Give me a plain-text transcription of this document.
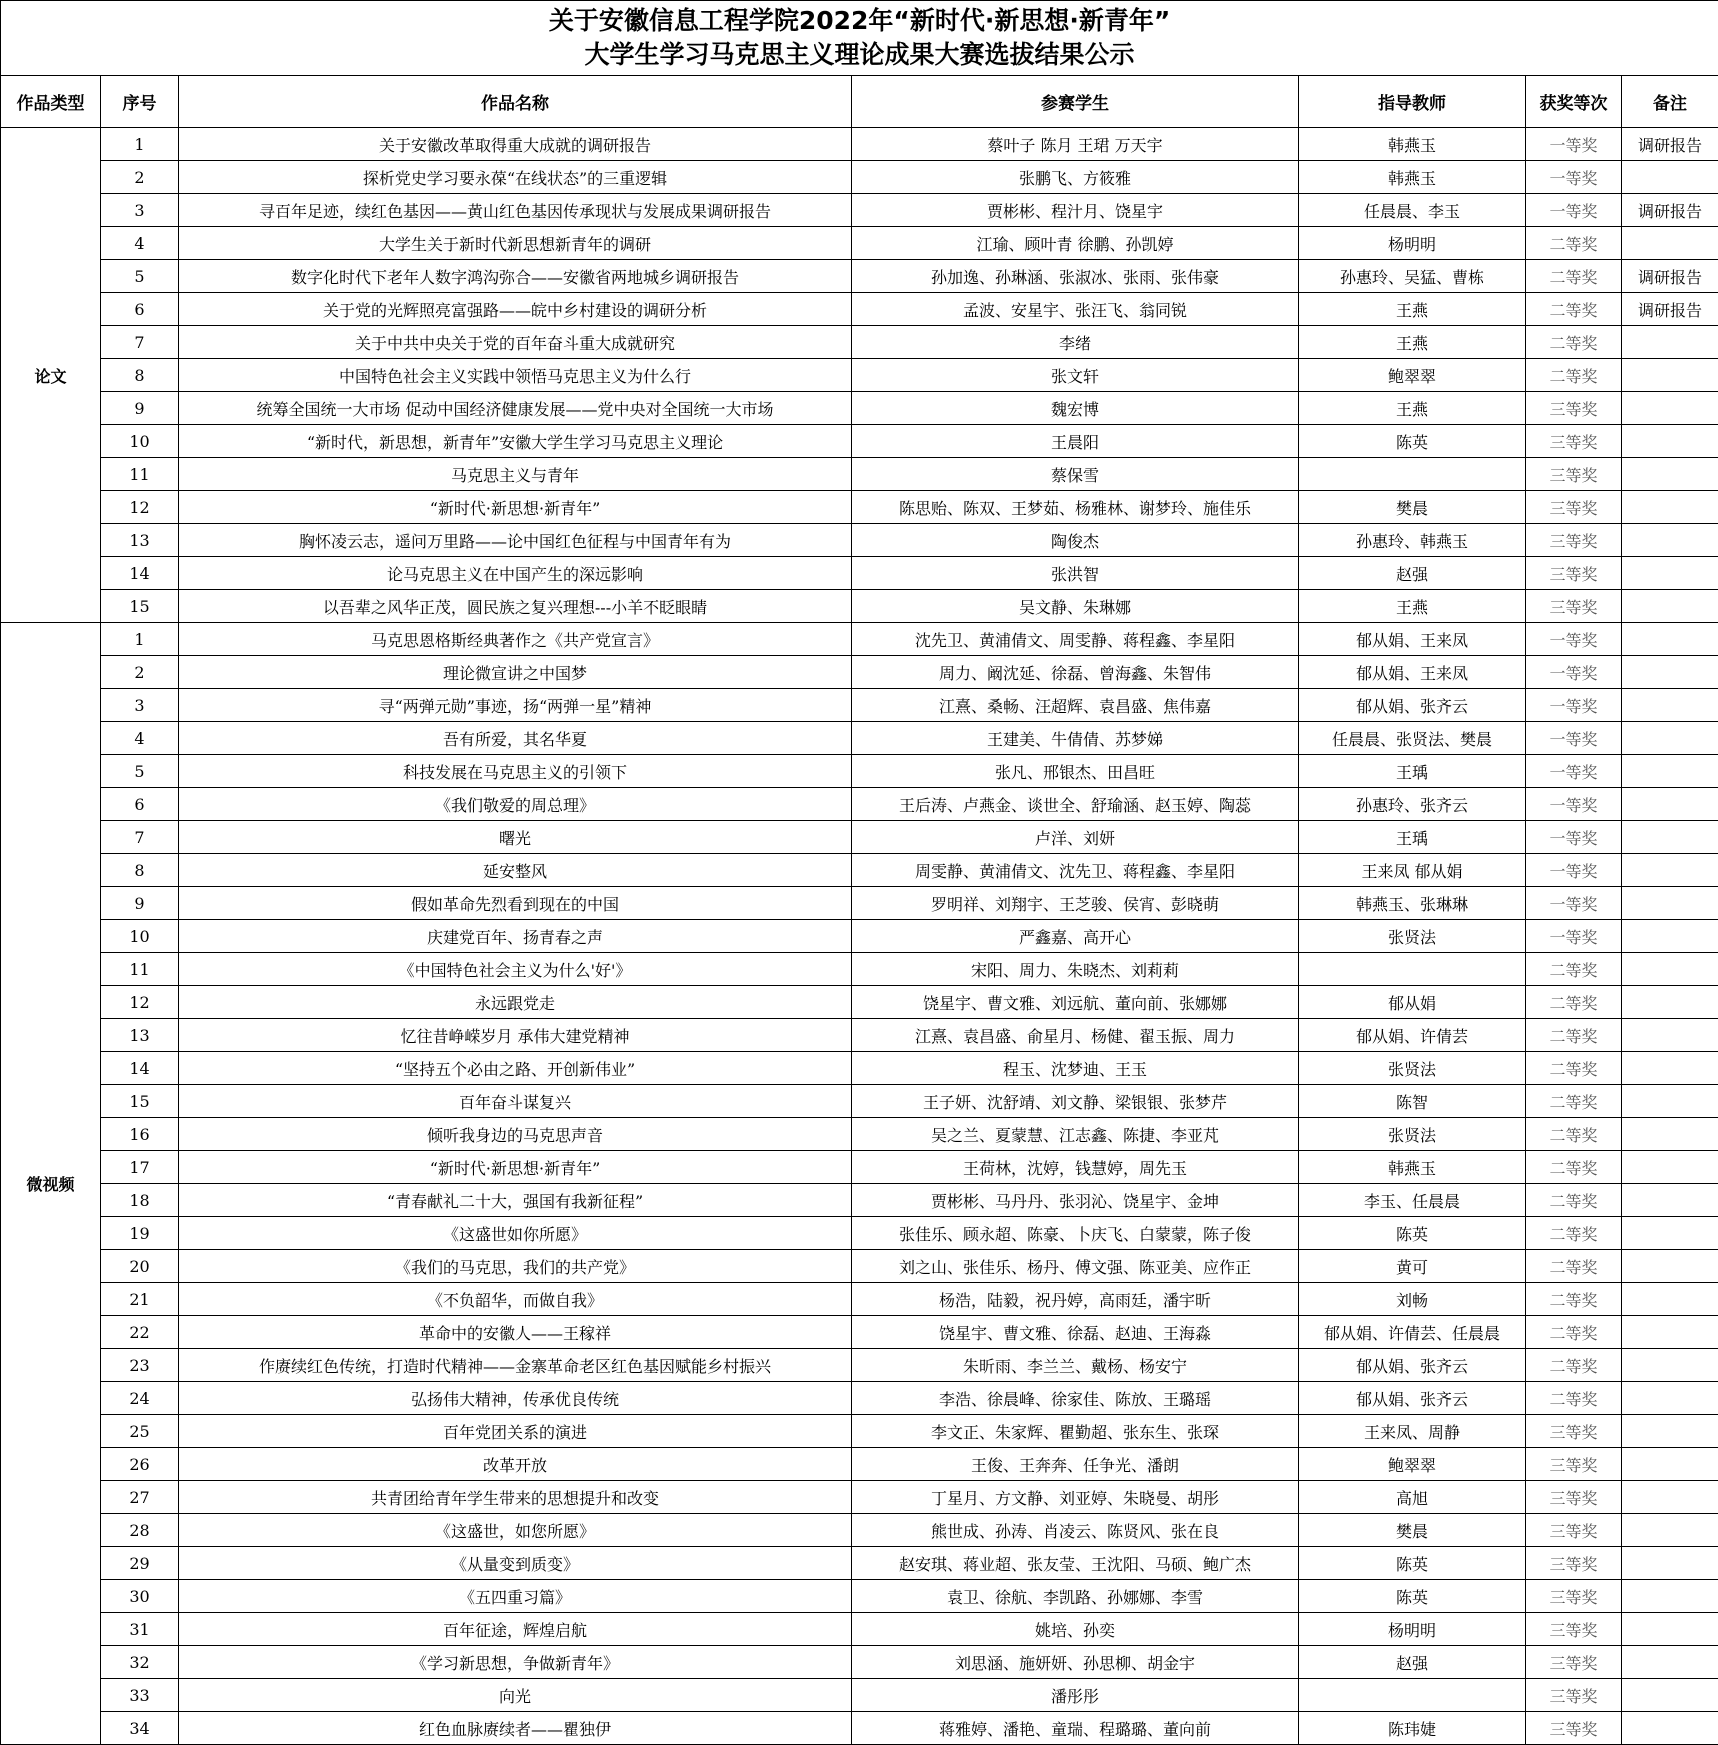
关于安徽信息工程学院2022年“新时代·新思想·新青年”
大学生学习马克思主义理论成果大赛选拔结果公示						

作品类型	序号	作品名称	参赛学生	指导教师	获奖等次	备注
论文	1	关于安徽改革取得重大成就的调研报告	蔡叶子 陈月 王珺 万天宇	韩燕玉	一等奖	调研报告
	2	探析党史学习要永葆“在线状态”的三重逻辑	张鹏飞、方筱雅	韩燕玉	一等奖	
	3	寻百年足迹，续红色基因——黄山红色基因传承现状与发展成果调研报告	贾彬彬、程汁月、饶星宇	任晨晨、李玉	一等奖	调研报告
	4	大学生关于新时代新思想新青年的调研	江瑜、顾叶青 徐鹏、孙凯婷	杨明明	二等奖	
	5	数字化时代下老年人数字鸿沟弥合——安徽省两地城乡调研报告	孙加逸、孙琳涵、张淑冰、张雨、张伟豪	孙惠玲、吴猛、曹栋	二等奖	调研报告
	6	关于党的光辉照亮富强路——皖中乡村建设的调研分析	孟波、安星宇、张汪飞、翁同锐	王燕	二等奖	调研报告
	7	关于中共中央关于党的百年奋斗重大成就研究	李绪	王燕	二等奖	
	8	中国特色社会主义实践中领悟马克思主义为什么行	张文轩	鲍翠翠	二等奖	
	9	统筹全国统一大市场 促动中国经济健康发展——党中央对全国统一大市场	魏宏博	王燕	三等奖	
	10	“新时代，新思想，新青年”安徽大学生学习马克思主义理论	王晨阳	陈英	三等奖	
	11	马克思主义与青年	蔡保雪		三等奖	
	12	“新时代·新思想·新青年”	陈思贻、陈双、王梦茹、杨雅林、谢梦玲、施佳乐	樊晨	三等奖	
	13	胸怀凌云志，遥问万里路——论中国红色征程与中国青年有为	陶俊杰	孙惠玲、韩燕玉	三等奖	
	14	论马克思主义在中国产生的深远影响	张洪智	赵强	三等奖	
	15	以吾辈之风华正茂，圆民族之复兴理想---小羊不眨眼睛	吴文静、朱琳娜	王燕	三等奖	
微视频	1	马克思恩格斯经典著作之《共产党宣言》	沈先卫、黄浦倩文、周雯静、蒋程鑫、李星阳	郁从娟、王来凤	一等奖	
	2	理论微宣讲之中国梦	周力、阚沈延、徐磊、曾海鑫、朱智伟	郁从娟、王来凤	一等奖	
	3	寻“两弹元勋”事迹，扬“两弹一星”精神	江熹、桑畅、汪超辉、袁昌盛、焦伟嘉	郁从娟、张齐云	一等奖	
	4	吾有所爱，其名华夏	王建美、牛倩倩、苏梦娣	任晨晨、张贤法、樊晨	一等奖	
	5	科技发展在马克思主义的引领下	张凡、邢银杰、田昌旺	王瑀	一等奖	
	6	《我们敬爱的周总理》	王后涛、卢燕金、谈世全、舒瑜涵、赵玉婷、陶蕊	孙惠玲、张齐云	一等奖	
	7	曙光	卢洋、刘妍	王瑀	一等奖	
	8	延安整风	周雯静、黄浦倩文、沈先卫、蒋程鑫、李星阳	王来凤 郁从娟	一等奖	
	9	假如革命先烈看到现在的中国	罗明祥、刘翔宇、王芝骏、侯宵、彭晓萌	韩燕玉、张琳琳	一等奖	
	10	庆建党百年、扬青春之声	严鑫嘉、高开心	张贤法	一等奖	
	11	《中国特色社会主义为什么'好'》	宋阳、周力、朱晓杰、刘莉莉		二等奖	
	12	永远跟党走	饶星宇、曹文雅、刘远航、董向前、张娜娜	郁从娟	二等奖	
	13	忆往昔峥嵘岁月 承伟大建党精神	江熹、袁昌盛、俞星月、杨健、翟玉振、周力	郁从娟、许倩芸	二等奖	
	14	“坚持五个必由之路、开创新伟业”	程玉、沈梦迪、王玉	张贤法	二等奖	
	15	百年奋斗谋复兴	王子妍、沈舒靖、刘文静、梁银银、张梦芹	陈智	二等奖	
	16	倾听我身边的马克思声音	吴之兰、夏蒙慧、江志鑫、陈捷、李亚芃	张贤法	二等奖	
	17	“新时代·新思想·新青年”	王荷林，沈婷，钱慧婷，周先玉	韩燕玉	二等奖	
	18	“青春献礼二十大，强国有我新征程”	贾彬彬、马丹丹、张羽沁、饶星宇、金坤	李玉、任晨晨	二等奖	
	19	《这盛世如你所愿》	张佳乐、顾永超、陈豪、卜庆飞、白蒙蒙，陈子俊	陈英	二等奖	
	20	《我们的马克思，我们的共产党》	刘之山、张佳乐、杨丹、傅文强、陈亚美、应作正	黄可	二等奖	
	21	《不负韶华，而做自我》	杨浩，陆毅，祝丹婷，高雨廷，潘宇昕	刘畅	二等奖	
	22	革命中的安徽人——王稼祥	饶星宇、曹文雅、徐磊、赵迪、王海淼	郁从娟、许倩芸、任晨晨	二等奖	
	23	作赓续红色传统，打造时代精神——金寨革命老区红色基因赋能乡村振兴	朱昕雨、李兰兰、戴杨、杨安宁	郁从娟、张齐云	二等奖	
	24	弘扬伟大精神，传承优良传统	李浩、徐晨峰、徐家佳、陈放、王璐瑶	郁从娟、张齐云	二等奖	
	25	百年党团关系的演进	李文正、朱家辉、瞿勤超、张东生、张琛	王来凤、周静	三等奖	
	26	改革开放	王俊、王奔奔、任争光、潘朗	鲍翠翠	三等奖	
	27	共青团给青年学生带来的思想提升和改变	丁星月、方文静、刘亚婷、朱晓曼、胡彤	高旭	三等奖	
	28	《这盛世，如您所愿》	熊世成、孙涛、肖凌云、陈贤风、张在良	樊晨	三等奖	
	29	《从量变到质变》	赵安琪、蒋业超、张友莹、王沈阳、马硕、鲍广杰	陈英	三等奖	
	30	《五四重习篇》	袁卫、徐航、李凯路、孙娜娜、李雪	陈英	三等奖	
	31	百年征途，辉煌启航	姚培、孙奕	杨明明	三等奖	
	32	《学习新思想，争做新青年》	刘思涵、施妍妍、孙思柳、胡金宇	赵强	三等奖	
	33	向光	潘彤彤		三等奖	
	34	红色血脉赓续者——瞿独伊	蒋雅婷、潘艳、童瑞、程璐璐、董向前	陈玮婕	三等奖	
